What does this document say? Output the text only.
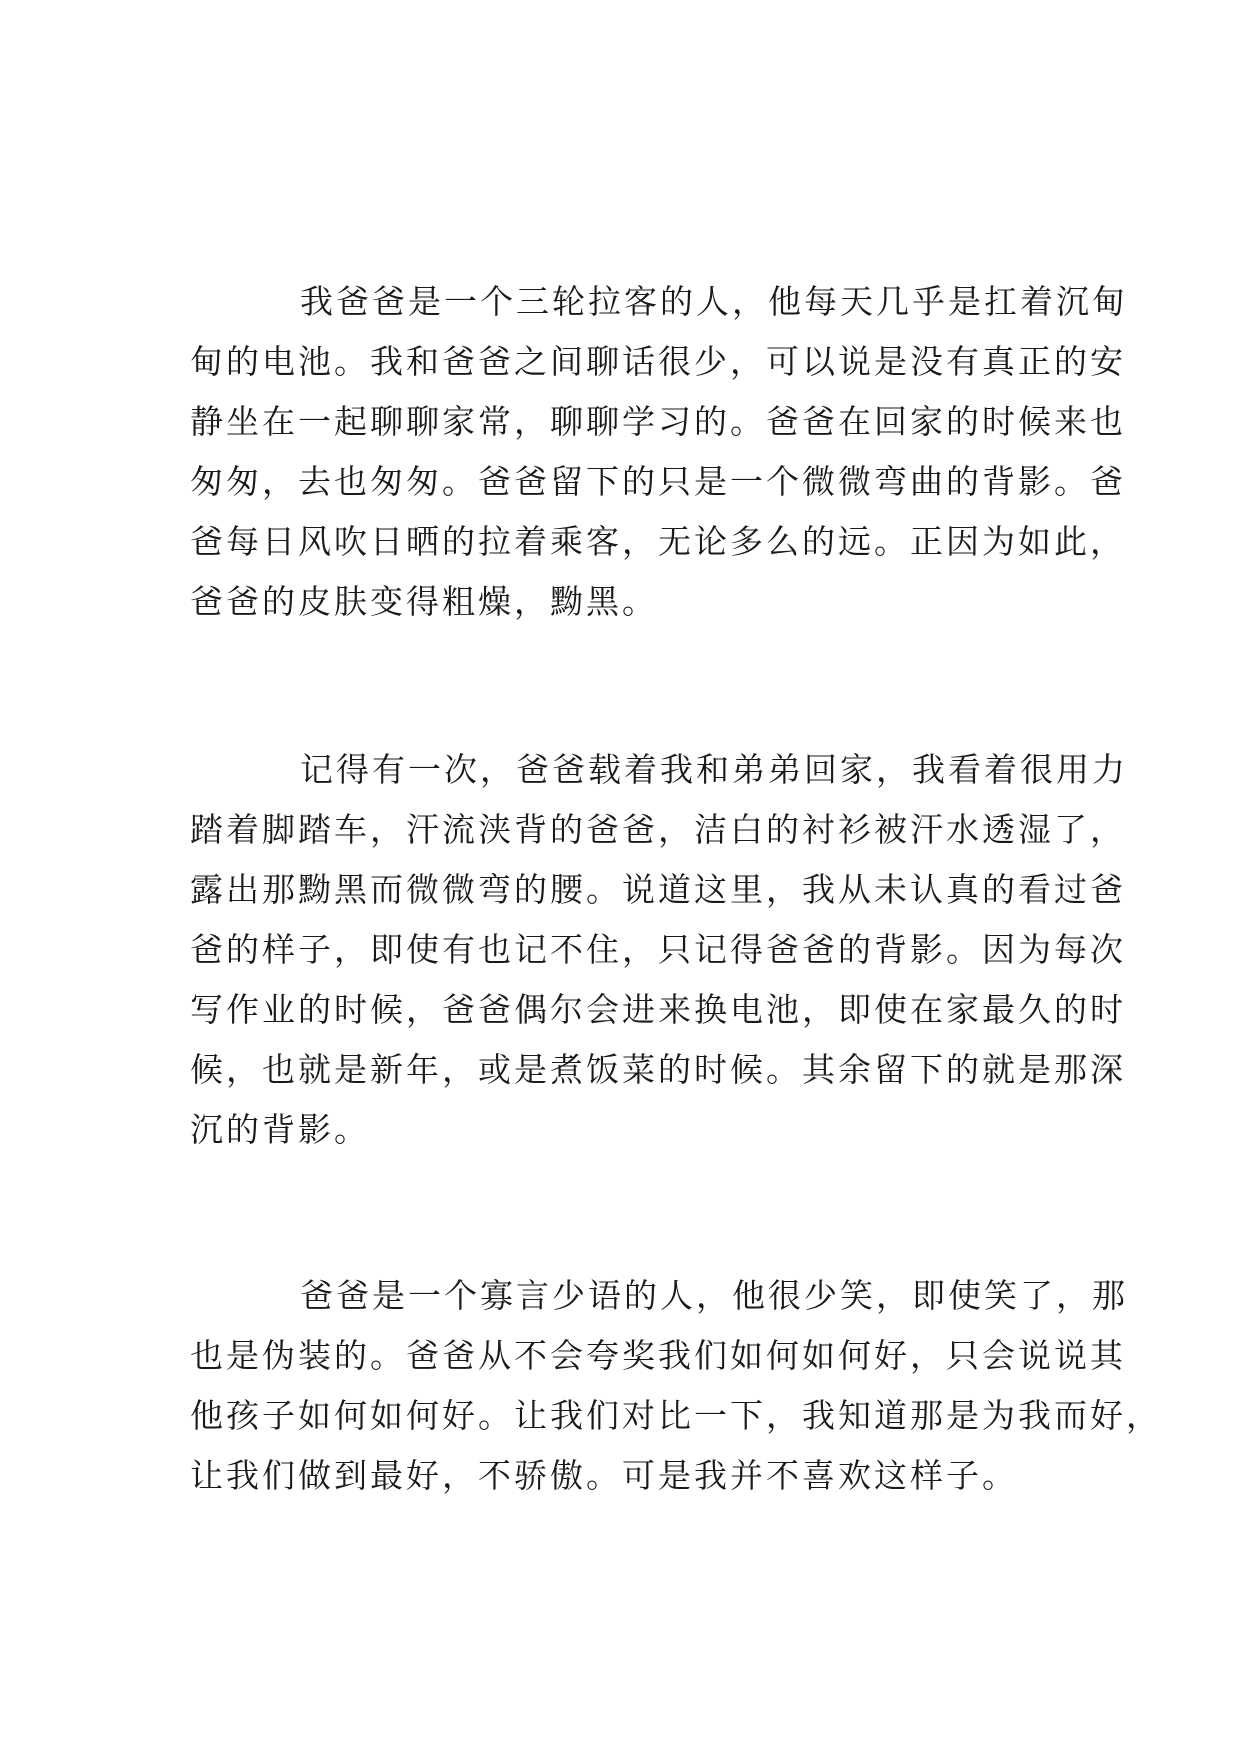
我爸爸是一个三轮拉客的人，他每天几乎是扛着沉甸
甸的电池。我和爸爸之间聊话很少，可以说是没有真正的安
静坐在一起聊聊家常，聊聊学习的。爸爸在回家的时候来也
匆匆，去也匆匆。爸爸留下的只是一个微微弯曲的背影。爸
爸每日风吹日晒的拉着乘客，无论多么的远。正因为如此，
爸爸的皮肤变得粗燥，黝黑。
记得有一次，爸爸载着我和弟弟回家，我看着很用力
踏着脚踏车，汗流浃背的爸爸，洁白的衬衫被汗水透湿了，
露出那黝黑而微微弯的腰。说道这里，我从未认真的看过爸
爸的样子，即使有也记不住，只记得爸爸的背影。因为每次
写作业的时候，爸爸偶尔会进来换电池，即使在家最久的时
候，也就是新年，或是煮饭菜的时候。其余留下的就是那深
沉的背影。
爸爸是一个寡言少语的人，他很少笑，即使笑了，那
也是伪装的。爸爸从不会夸奖我们如何如何好，只会说说其
他孩子如何如何好。让我们对比一下，我知道那是为我而好，
让我们做到最好，不骄傲。可是我并不喜欢这样子。
